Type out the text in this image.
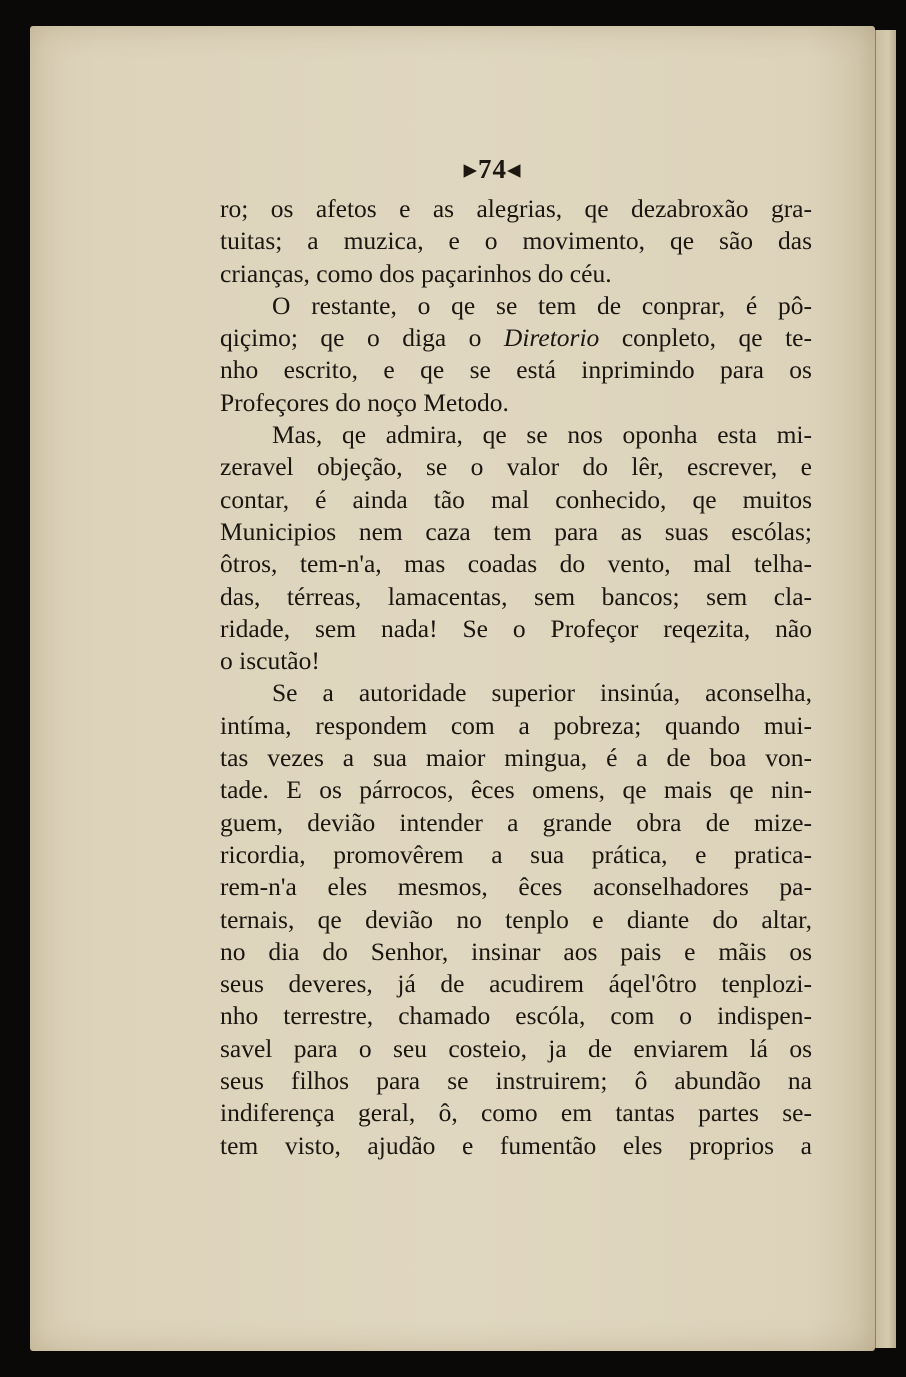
▸74◂
ro; os afetos e as alegrias, qe dezabroxão gra-
tuitas; a muzica, e o movimento, qe são das
crianças, como dos paçarinhos do céu.
O restante, o qe se tem de conprar, é pô-
qiçimo; qe o diga o Diretorio conpleto, qe te-
nho escrito, e qe se está inprimindo para os
Profeçores do noço Metodo.
Mas, qe admira, qe se nos oponha esta mi-
zeravel objeção, se o valor do lêr, escrever, e
contar, é ainda tão mal conhecido, qe muitos
Municipios nem caza tem para as suas escólas;
ôtros, tem-n'a, mas coadas do vento, mal telha-
das, térreas, lamacentas, sem bancos; sem cla-
ridade, sem nada! Se o Profeçor reqezita, não
o iscutão!
Se a autoridade superior insinúa, aconselha,
intíma, respondem com a pobreza; quando mui-
tas vezes a sua maior mingua, é a de boa von-
tade. E os párrocos, êces omens, qe mais qe nin-
guem, devião intender a grande obra de mize-
ricordia, promovêrem a sua prática, e pratica-
rem-n'a eles mesmos, êces aconselhadores pa-
ternais, qe devião no tenplo e diante do altar,
no dia do Senhor, insinar aos pais e mãis os
seus deveres, já de acudirem áqel'ôtro tenplozi-
nho terrestre, chamado escóla, com o indispen-
savel para o seu costeio, ja de enviarem lá os
seus filhos para se instruirem; ô abundão na
indiferença geral, ô, como em tantas partes se-
tem visto, ajudão e fumentão eles proprios a
